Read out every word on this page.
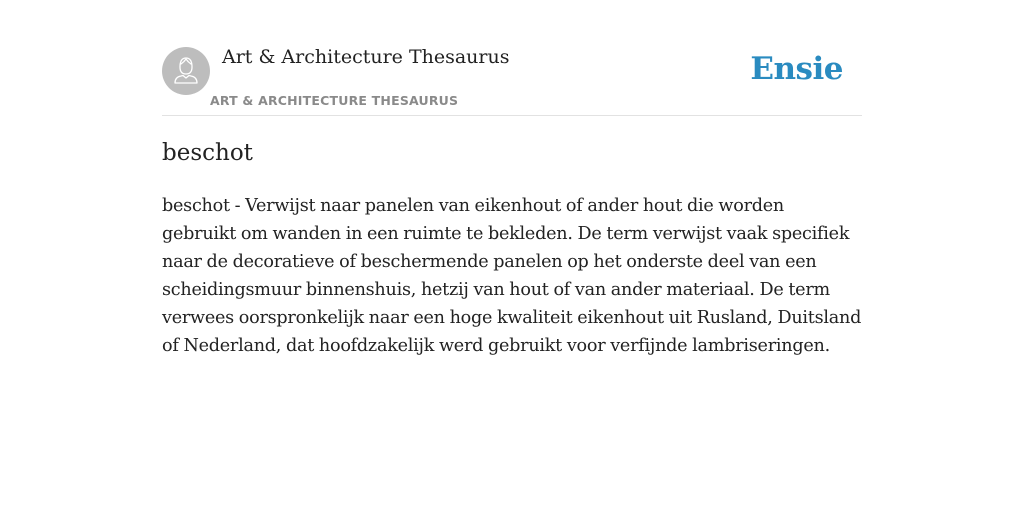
Art & Architecture Thesaurus
ART & ARCHITECTURE THESAURUS
Ensie
beschot

beschot - Verwijst naar panelen van eikenhout of ander hout die worden gebruikt om wanden in een ruimte te bekleden. De term verwijst vaak specifiek naar de decoratieve of beschermende panelen op het onderste deel van een scheidingsmuur binnenshuis, hetzij van hout of van ander materiaal. De term verwees oorspronkelijk naar een hoge kwaliteit eikenhout uit Rusland, Duitsland of Nederland, dat hoofdzakelijk werd gebruikt voor verfijnde lambriseringen.
